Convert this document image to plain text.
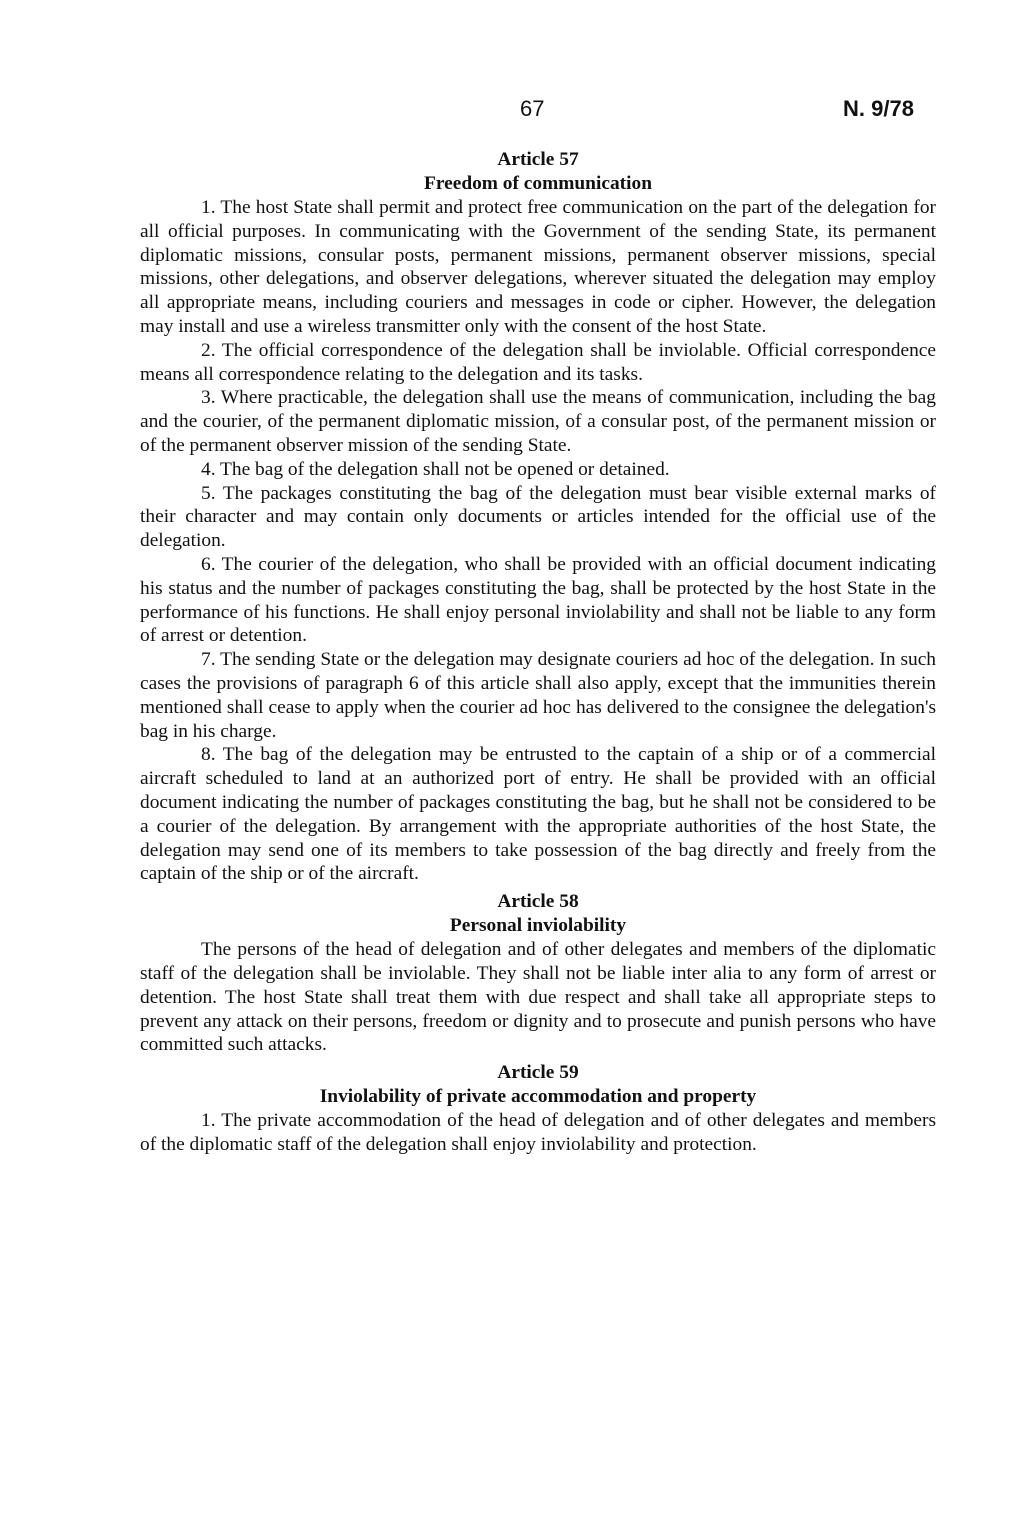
67	N. 9/78
Article 57
Freedom of communication

1. The host State shall permit and protect free communication on the part of the delegation for all official purposes. In communicating with the Government of the sending State, its permanent diplomatic missions, consular posts, permanent missions, permanent observer missions, special missions, other delegations, and observer delegations, wherever situated the delegation may employ all appropriate means, including couriers and messages in code or cipher. However, the delegation may install and use a wireless transmitter only with the consent of the host State.

2. The official correspondence of the delegation shall be inviolable. Official correspondence means all correspondence relating to the delegation and its tasks.

3. Where practicable, the delegation shall use the means of communication, including the bag and the courier, of the permanent diplomatic mission, of a consular post, of the permanent mission or of the permanent observer mission of the sending State.

4. The bag of the delegation shall not be opened or detained.

5. The packages constituting the bag of the delegation must bear visible external marks of their character and may contain only documents or articles intended for the official use of the delegation.

6. The courier of the delegation, who shall be provided with an official document indicating his status and the number of packages constituting the bag, shall be protected by the host State in the performance of his functions. He shall enjoy personal inviolability and shall not be liable to any form of arrest or detention.

7. The sending State or the delegation may designate couriers ad hoc of the delegation. In such cases the provisions of paragraph 6 of this article shall also apply, except that the immunities therein mentioned shall cease to apply when the courier ad hoc has delivered to the consignee the delegation's bag in his charge.

8. The bag of the delegation may be entrusted to the captain of a ship or of a commercial aircraft scheduled to land at an authorized port of entry. He shall be provided with an official document indicating the number of packages constituting the bag, but he shall not be considered to be a courier of the delegation. By arrangement with the appropriate authorities of the host State, the delegation may send one of its members to take possession of the bag directly and freely from the captain of the ship or of the aircraft.

Article 58
Personal inviolability

The persons of the head of delegation and of other delegates and members of the diplomatic staff of the delegation shall be inviolable. They shall not be liable inter alia to any form of arrest or detention. The host State shall treat them with due respect and shall take all appropriate steps to prevent any attack on their persons, freedom or dignity and to prosecute and punish persons who have committed such attacks.

Article 59
Inviolability of private accommodation and property

1. The private accommodation of the head of delegation and of other delegates and members of the diplomatic staff of the delegation shall enjoy inviolability and protection.
